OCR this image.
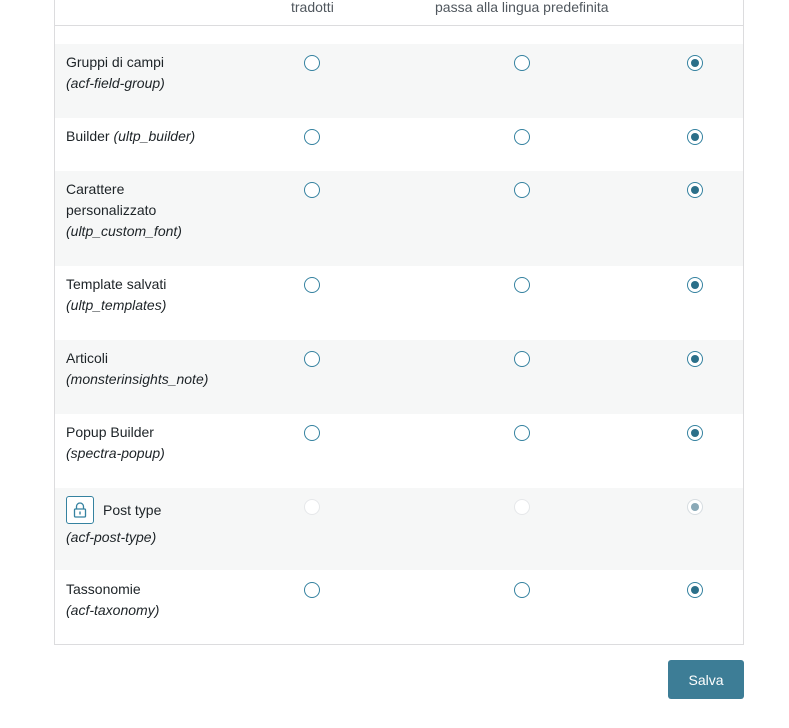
tradotti	passa alla lingua predefinita
Gruppi di campi
(acf-field-group)
Builder (ultp_builder)
Carattere personalizzato
(ultp_custom_font)
Template salvati
(ultp_templates)
Articoli
(monsterinsights_note)
Popup Builder
(spectra-popup)
Post type
(acf-post-type)
Tassonomie
(acf-taxonomy)
Salva
